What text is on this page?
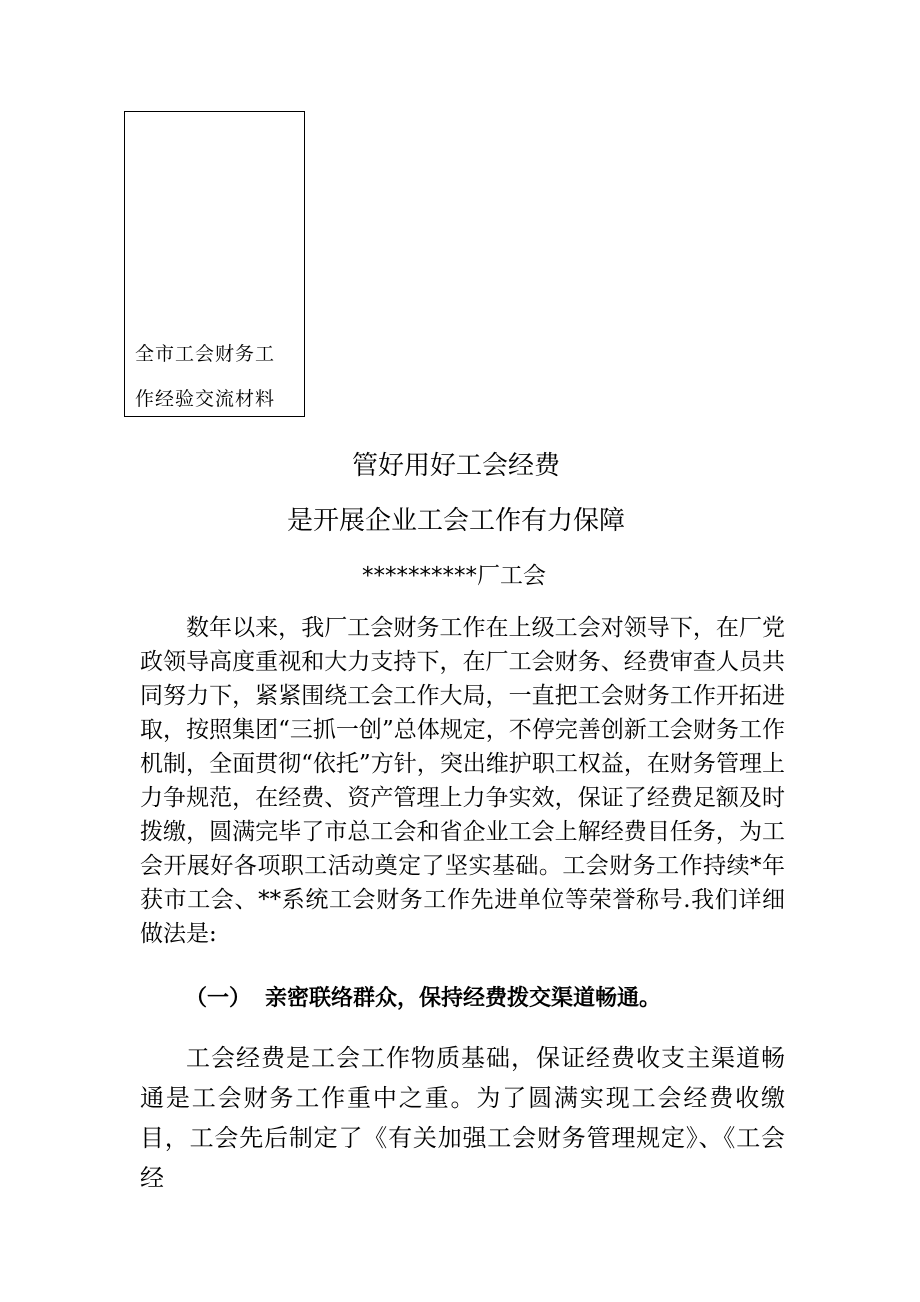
全市工会财务工
作经验交流材料
管好用好工会经费
是开展企业工会工作有力保障
**********厂工会
数年以来，我厂工会财务工作在上级工会对领导下，在厂党政领导高度重视和大力支持下，在厂工会财务、经费审查人员共同努力下，紧紧围绕工会工作大局，一直把工会财务工作开拓进取，按照集团“三抓一创”总体规定，不停完善创新工会财务工作机制，全面贯彻“依托”方针，突出维护职工权益，在财务管理上力争规范，在经费、资产管理上力争实效，保证了经费足额及时拨缴，圆满完毕了市总工会和省企业工会上解经费目任务，为工会开展好各项职工活动奠定了坚实基础。工会财务工作持续*年获市工会、**系统工会财务工作先进单位等荣誉称号.我们详细做法是:
（一） 亲密联络群众，保持经费拨交渠道畅通。
工会经费是工会工作物质基础，保证经费收支主渠道畅通是工会财务工作重中之重。为了圆满实现工会经费收缴目，工会先后制定了《有关加强工会财务管理规定》、《工会经
